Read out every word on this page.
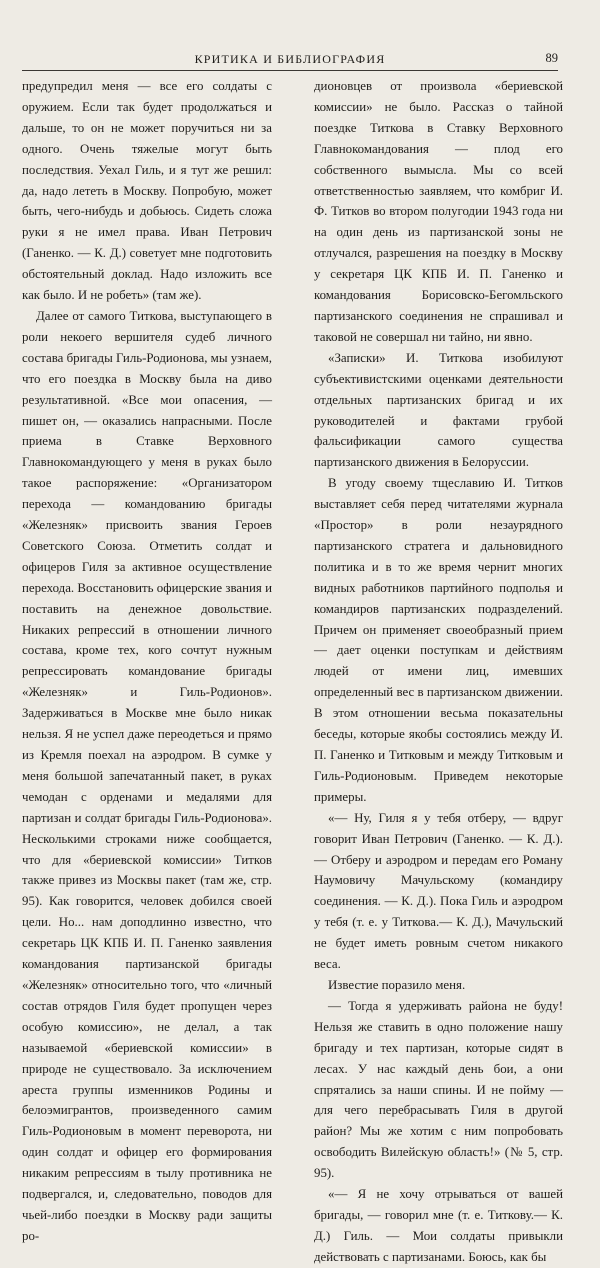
КРИТИКА И БИБЛИОГРАФИЯ	89

предупредил меня — все его солдаты с оружием. Если так будет продолжаться и дальше, то он не может поручиться ни за одного. Очень тяжелые могут быть последствия. Уехал Гиль, и я тут же решил: да, надо лететь в Москву. Попробую, может быть, чего-нибудь и добьюсь. Сидеть сложа руки я не имел права. Иван Петрович (Ганенко. — К. Д.) советует мне подготовить обстоятельный доклад. Надо изложить все как было. И не робеть» (там же).

Далее от самого Титкова, выступающего в роли некоего вершителя судеб личного состава бригады Гиль-Родионова, мы узнаем, что его поездка в Москву была на диво результативной. «Все мои опасения, — пишет он, — оказались напрасными. После приема в Ставке Верховного Главнокомандующего у меня в руках было такое распоряжение: «Организатором перехода — командованию бригады «Железняк» присвоить звания Героев Советского Союза. Отметить солдат и офицеров Гиля за активное осуществление перехода. Восстановить офицерские звания и поставить на денежное довольствие. Никаких репрессий в отношении личного состава, кроме тех, кого сочтут нужным репрессировать командование бригады «Железняк» и Гиль-Родионов». Задерживаться в Москве мне было никак нельзя. Я не успел даже переодеться и прямо из Кремля поехал на аэродром. В сумке у меня большой запечатанный пакет, в руках чемодан с орденами и медалями для партизан и солдат бригады Гиль-Родионова». Несколькими строками ниже сообщается, что для «бериевской комиссии» Титков также привез из Москвы пакет (там же, стр. 95). Как говорится, человек добился своей цели. Но... нам доподлинно известно, что секретарь ЦК КПБ И. П. Ганенко заявления командования партизанской бригады «Железняк» относительно того, что «личный состав отрядов Гиля будет пропущен через особую комиссию», не делал, а так называемой «бериевской комиссии» в природе не существовало. За исключением ареста группы изменников Родины и белоэмигрантов, произведенного самим Гиль-Родионовым в момент переворота, ни один солдат и офицер его формирования никаким репрессиям в тылу противника не подвергался, и, следовательно, поводов для чьей-либо поездки в Москву ради защиты ро-

дионовцев от произвола «бериевской комиссии» не было. Рассказ о тайной поездке Титкова в Ставку Верховного Главнокомандования — плод его собственного вымысла. Мы со всей ответственностью заявляем, что комбриг И. Ф. Титков во втором полугодии 1943 года ни на один день из партизанской зоны не отлучался, разрешения на поездку в Москву у секретаря ЦК КПБ И. П. Ганенко и командования Борисовско-Бегомльского партизанского соединения не спрашивал и таковой не совершал ни тайно, ни явно.

«Записки» И. Титкова изобилуют субъективистскими оценками деятельности отдельных партизанских бригад и их руководителей и фактами грубой фальсификации самого существа партизанского движения в Белоруссии.

В угоду своему тщеславию И. Титков выставляет себя перед читателями журнала «Простор» в роли незаурядного партизанского стратега и дальновидного политика и в то же время чернит многих видных работников партийного подполья и командиров партизанских подразделений. Причем он применяет своеобразный прием — дает оценки поступкам и действиям людей от имени лиц, имевших определенный вес в партизанском движении. В этом отношении весьма показательны беседы, которые якобы состоялись между И. П. Ганенко и Титковым и между Титковым и Гиль-Родионовым. Приведем некоторые примеры.

«— Ну, Гиля я у тебя отберу, — вдруг говорит Иван Петрович (Ганенко. — К. Д.). — Отберу и аэродром и передам его Роману Наумовичу Мачульскому (командиру соединения. — К. Д.). Пока Гиль и аэродром у тебя (т. е. у Титкова.— К. Д.), Мачульский не будет иметь ровным счетом никакого веса.

Известие поразило меня.

— Тогда я удерживать района не буду! Нельзя же ставить в одно положение нашу бригаду и тех партизан, которые сидят в лесах. У нас каждый день бои, а они спрятались за наши спины. И не пойму — для чего перебрасывать Гиля в другой район? Мы же хотим с ним попробовать освободить Вилейскую область!» (№ 5, стр. 95).

«— Я не хочу отрываться от вашей бригады, — говорил мне (т. е. Титкову.— К. Д.) Гиль. — Мои солдаты привыкли действовать с партизанами. Боюсь, как бы
